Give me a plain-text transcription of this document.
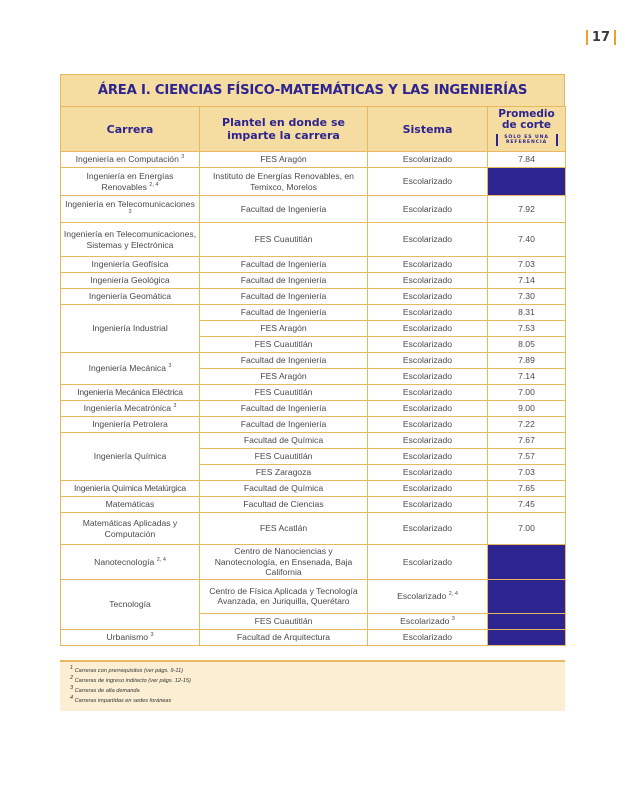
17
ÁREA I. CIENCIAS FÍSICO-MATEMÁTICAS Y LAS INGENIERÍAS
Carrera	Plantel en donde se imparte la carrera	Sistema	Promedio de corte
SÓLO ES UNA
REFERENCIA

Ingeniería en Computación $^3$	FES Aragón	Escolarizado	7.84
Ingeniería en Energías Renovables $^{2, 4}$	Instituto de Energías Renovables, en Temixco, Morelos	Escolarizado	
Ingeniería en Telecomunicaciones $^3$	Facultad de Ingeniería	Escolarizado	7.92
Ingeniería en Telecomunicaciones, Sistemas y Electrónica	FES Cuautitlán	Escolarizado	7.40
Ingeniería Geofísica	Facultad de Ingeniería	Escolarizado	7.03
Ingeniería Geológica	Facultad de Ingeniería	Escolarizado	7.14
Ingeniería Geomática	Facultad de Ingeniería	Escolarizado	7.30
Ingeniería Industrial	Facultad de Ingeniería	Escolarizado	8.31
	FES Aragón	Escolarizado	7.53
	FES Cuautitlán	Escolarizado	8.05
Ingeniería Mecánica $^3$	Facultad de Ingeniería	Escolarizado	7.89
	FES Aragón	Escolarizado	7.14
Ingeniería Mecánica Eléctrica	FES Cuautitlán	Escolarizado	7.00
Ingeniería Mecatrónica $^3$	Facultad de Ingeniería	Escolarizado	9.00
Ingeniería Petrolera	Facultad de Ingeniería	Escolarizado	7.22
Ingeniería Química	Facultad de Química	Escolarizado	7.67
	FES Cuautitlán	Escolarizado	7.57
	FES Zaragoza	Escolarizado	7.03
Ingeniería Química Metalúrgica	Facultad de Química	Escolarizado	7.65
Matemáticas	Facultad de Ciencias	Escolarizado	7.45
Matemáticas Aplicadas y Computación	FES Acatlán	Escolarizado	7.00
Nanotecnología $^{2, 4}$	Centro de Nanociencias y Nanotecnología, en Ensenada, Baja California	Escolarizado	
Tecnología	Centro de Física Aplicada y Tecnología Avanzada, en Juriquilla, Querétaro	Escolarizado $^{2, 4}$	
	FES Cuautitlán	Escolarizado $^3$	
Urbanismo $^3$	Facultad de Arquitectura	Escolarizado	

$^1$ Carreras con prerrequisitos (ver págs. 9-11)

$^2$ Carreras de ingreso indirecto (ver págs. 12-15)

$^3$ Carreras de alta demanda

$^4$ Carreras impartidas en sedes foráneas
